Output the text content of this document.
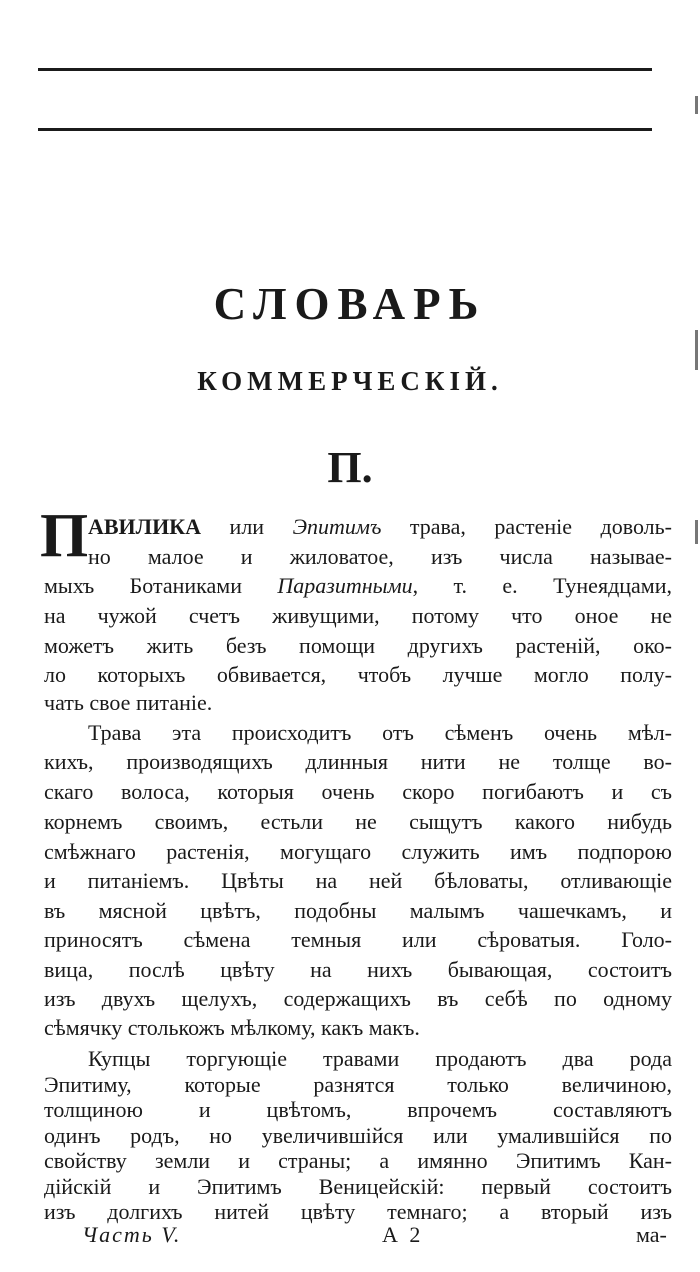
СЛОВАРЬ
КОММЕРЧЕСКІЙ.
П.
П АВИЛИКА или Эпитимъ трава, растеніе доволь-
но малое и жиловатое, изъ числа называе-
мыхъ Ботаниками Паразитными, т. е. Тунеядцами,
на чужой счетъ живущими, потому что оное не
можетъ жить безъ помощи другихъ растеній, око-
ло которыхъ обвивается, чтобъ лучше могло полу-
чать свое питаніе.
Трава эта происходитъ отъ сѣменъ очень мѣл-
кихъ, производящихъ длинныя нити не толще во-
скаго волоса, которыя очень скоро погибаютъ и съ
корнемъ своимъ, естьли не сыщутъ какого нибудь
смѣжнаго растенія, могущаго служить имъ подпорою
и питаніемъ. Цвѣты на ней бѣловаты, отливающіе
въ мясной цвѣтъ, подобны малымъ чашечкамъ, и
приносятъ сѣмена темныя или сѣроватыя. Голо-
вица, послѣ цвѣту на нихъ бывающая, состоитъ
изъ двухъ щелухъ, содержащихъ въ себѣ по одному
сѣмячку столькожъ мѣлкому, какъ макъ.
Купцы торгующіе травами продаютъ два рода
Эпитиму, которые разнятся только величиною,
толщиною и цвѣтомъ, впрочемъ составляютъ
одинъ родъ, но увеличившійся или умалившійся по
свойству земли и страны; а имянно Эпитимъ Кан-
дійскій и Эпитимъ Веницейскій: первый состоитъ
Часть V.	А 2	ма-
изъ долгихъ нитей цвѣту темнаго; а вторый изъ
